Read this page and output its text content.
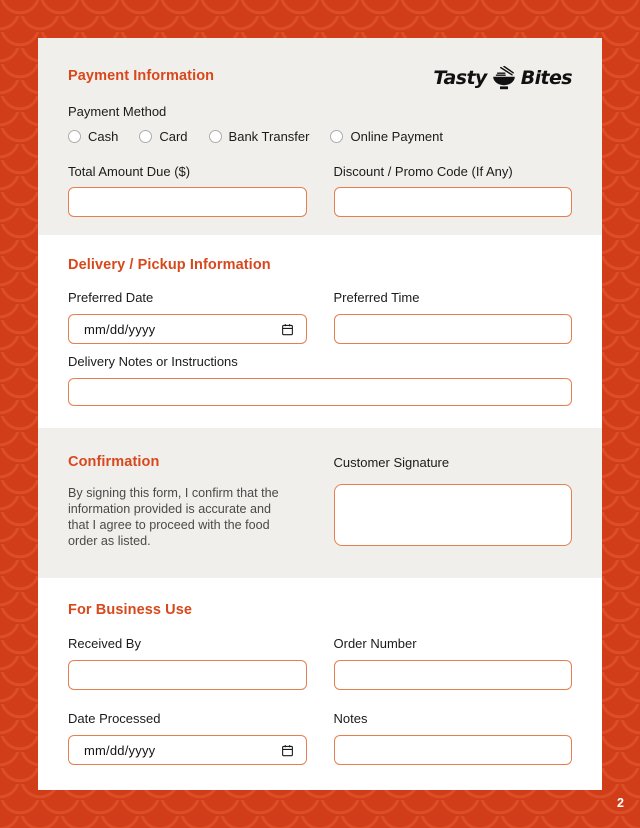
Payment Information	Tasty Bites
Payment Method
Cash	Card	Bank Transfer	Online Payment
Total Amount Due ($)	Discount / Promo Code (If Any)
Delivery / Pickup Information
Preferred Date	Preferred Time
mm/dd/yyyy
Delivery Notes or Instructions
Confirmation

By signing this form, I confirm that the information provided is accurate and that I agree to proceed with the food order as listed.

Customer Signature
For Business Use
Received By	Order Number
Date Processed	Notes
mm/dd/yyyy
2
